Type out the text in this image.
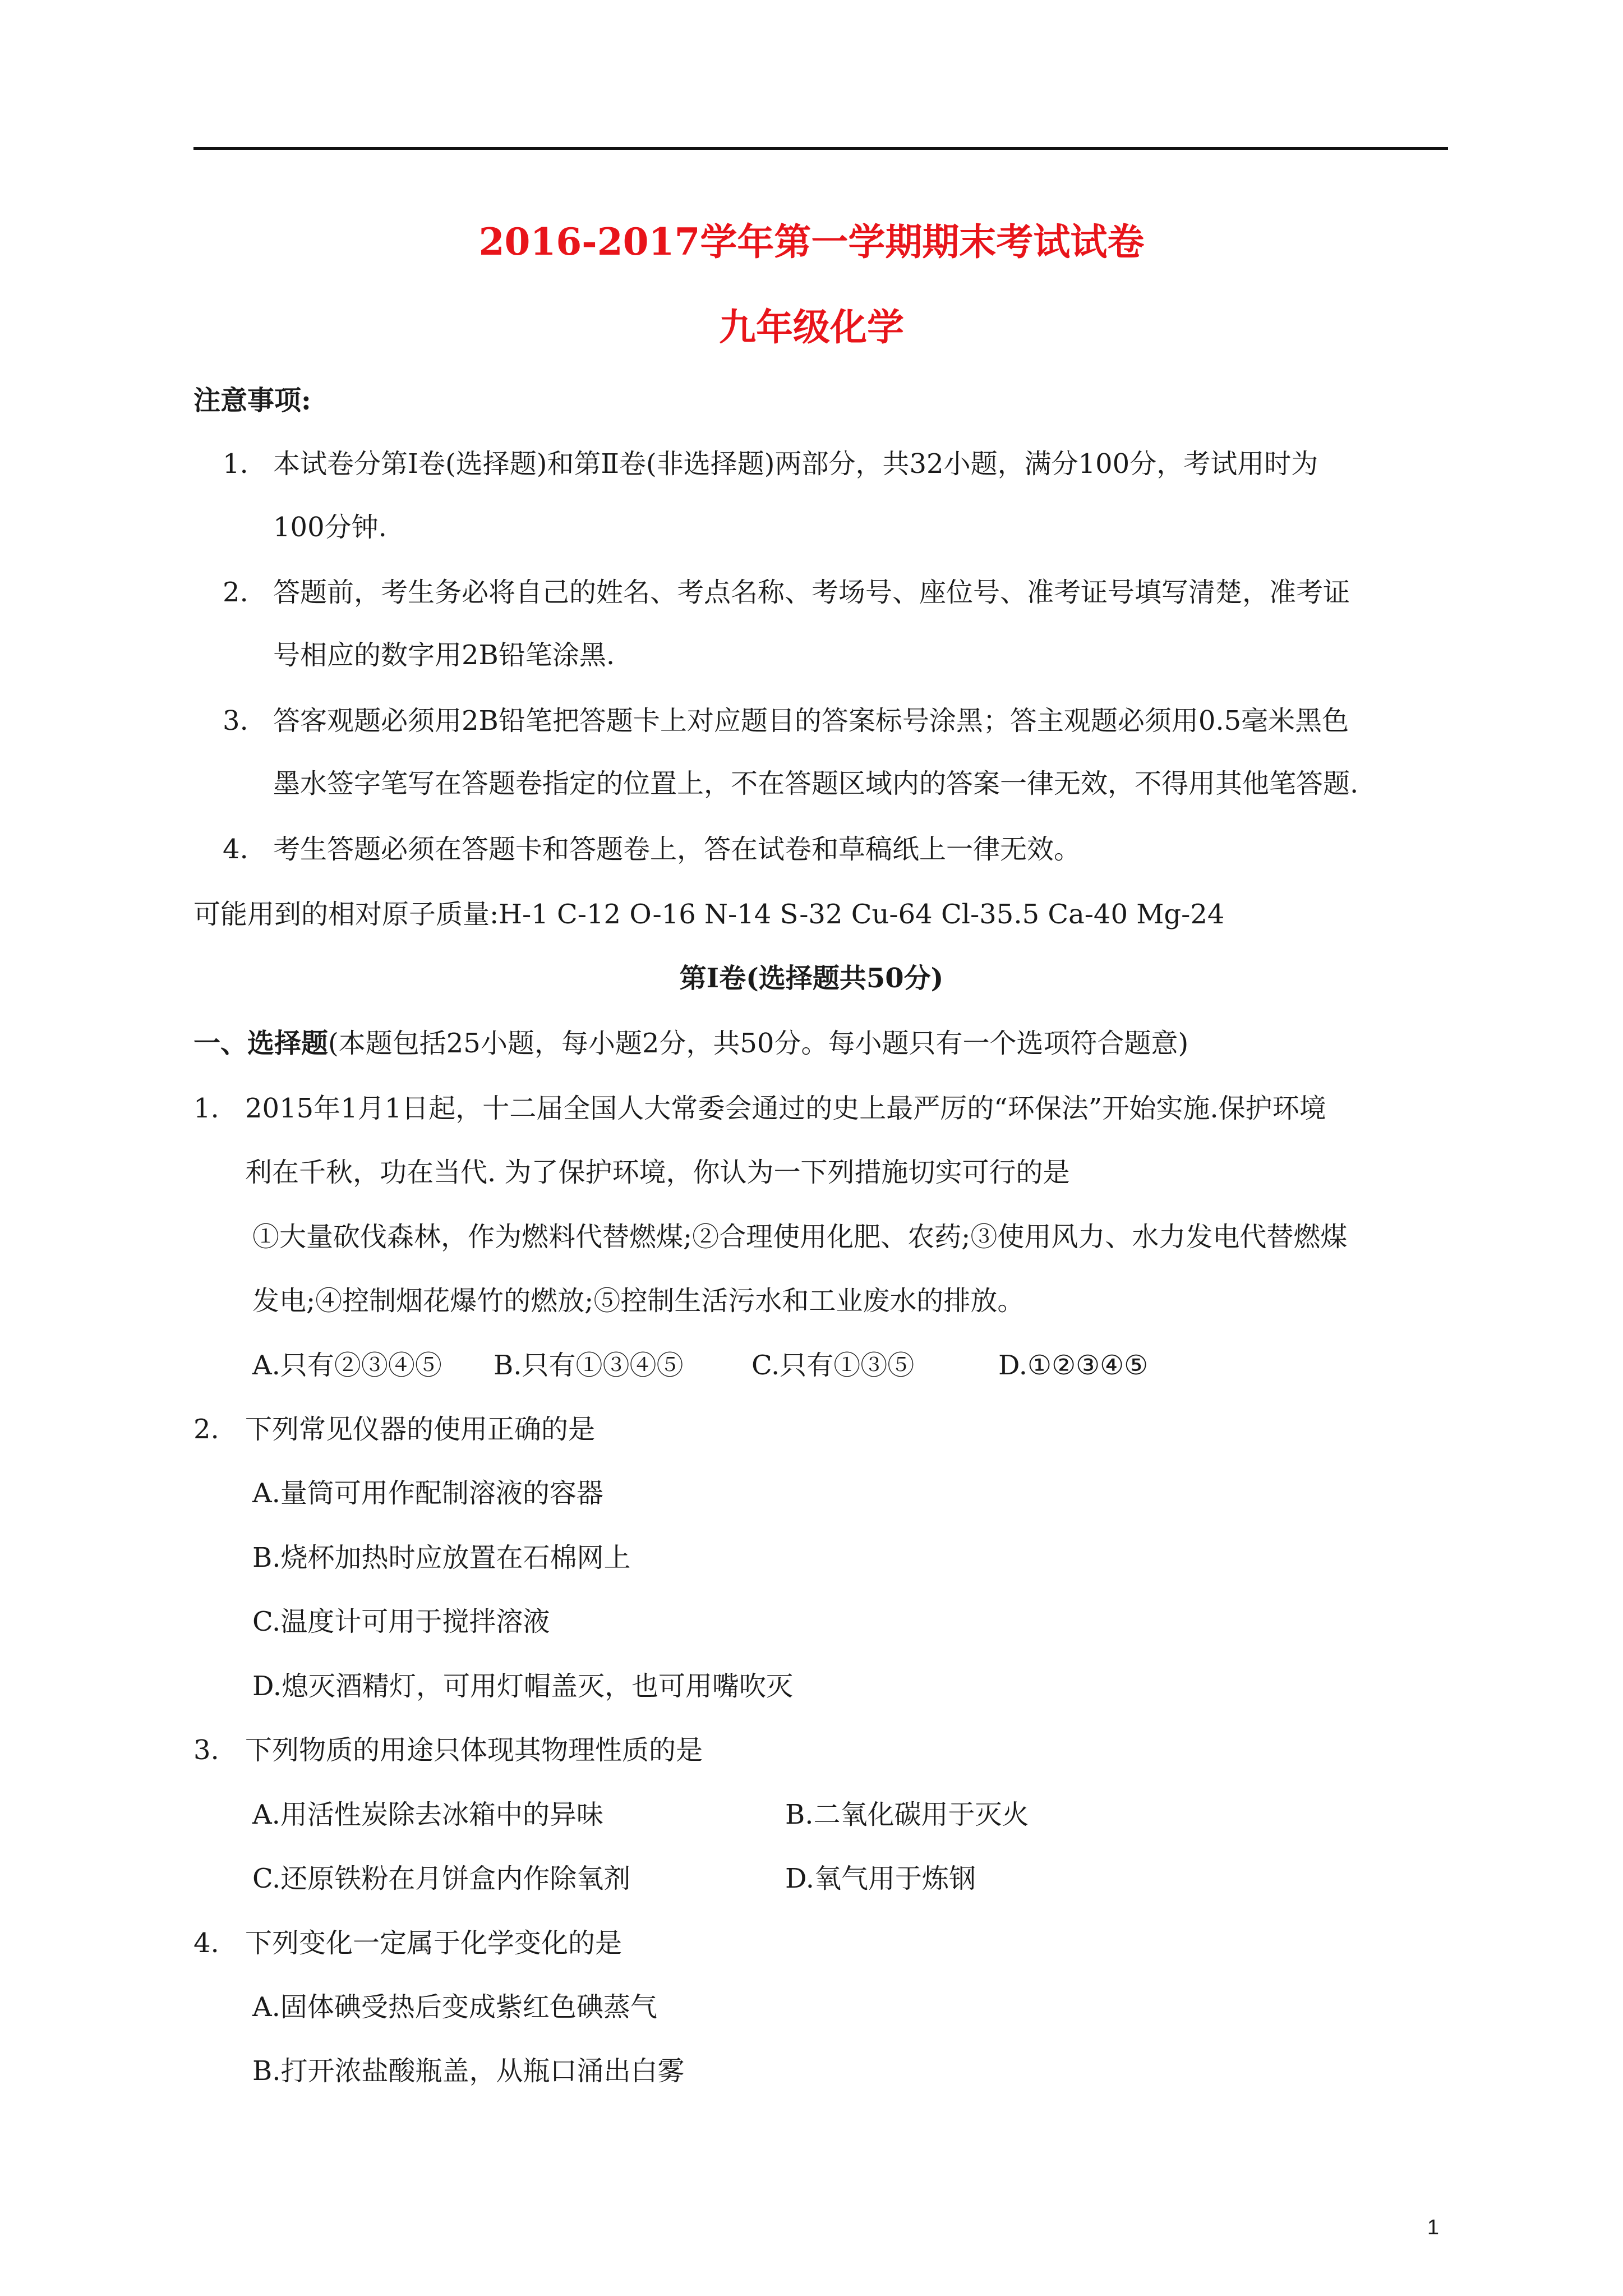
2016-2017学年第一学期期末考试试卷
九年级化学
注意事项:
1. 本试卷分第Ⅰ卷(选择题)和第Ⅱ卷(非选择题)两部分，共32小题，满分100分，考试用时为
100分钟.
2. 答题前，考生务必将自己的姓名、考点名称、考场号、座位号、准考证号填写清楚，准考证
号相应的数字用2B铅笔涂黑.
3. 答客观题必须用2B铅笔把答题卡上对应题目的答案标号涂黑；答主观题必须用0.5毫米黑色
墨水签字笔写在答题卷指定的位置上，不在答题区域内的答案一律无效，不得用其他笔答题.
4. 考生答题必须在答题卡和答题卷上，答在试卷和草稿纸上一律无效。
可能用到的相对原子质量:H-1 C-12 O-16 N-14 S-32 Cu-64 Cl-35.5 Ca-40 Mg-24
第Ⅰ卷(选择题共50分)
一、选择题(本题包括25小题，每小题2分，共50分。每小题只有一个选项符合题意)
1. 2015年1月1日起，十二届全国人大常委会通过的史上最严厉的“环保法”开始实施.保护环境
利在千秋，功在当代. 为了保护环境，你认为一下列措施切实可行的是
①大量砍伐森林，作为燃料代替燃煤;②合理使用化肥、农药;③使用风力、水力发电代替燃煤
发电;④控制烟花爆竹的燃放;⑤控制生活污水和工业废水的排放。
A.只有②③④⑤ B.只有①③④⑤	C.只有①③⑤	D.①②③④⑤
2. 下列常见仪器的使用正确的是
A.量筒可用作配制溶液的容器
B.烧杯加热时应放置在石棉网上
C.温度计可用于搅拌溶液
D.熄灭酒精灯，可用灯帽盖灭，也可用嘴吹灭
3. 下列物质的用途只体现其物理性质的是
A.用活性炭除去冰箱中的异味	B.二氧化碳用于灭火
C.还原铁粉在月饼盒内作除氧剂	D.氧气用于炼钢
4. 下列变化一定属于化学变化的是
A.固体碘受热后变成紫红色碘蒸气
B.打开浓盐酸瓶盖，从瓶口涌出白雾
1
